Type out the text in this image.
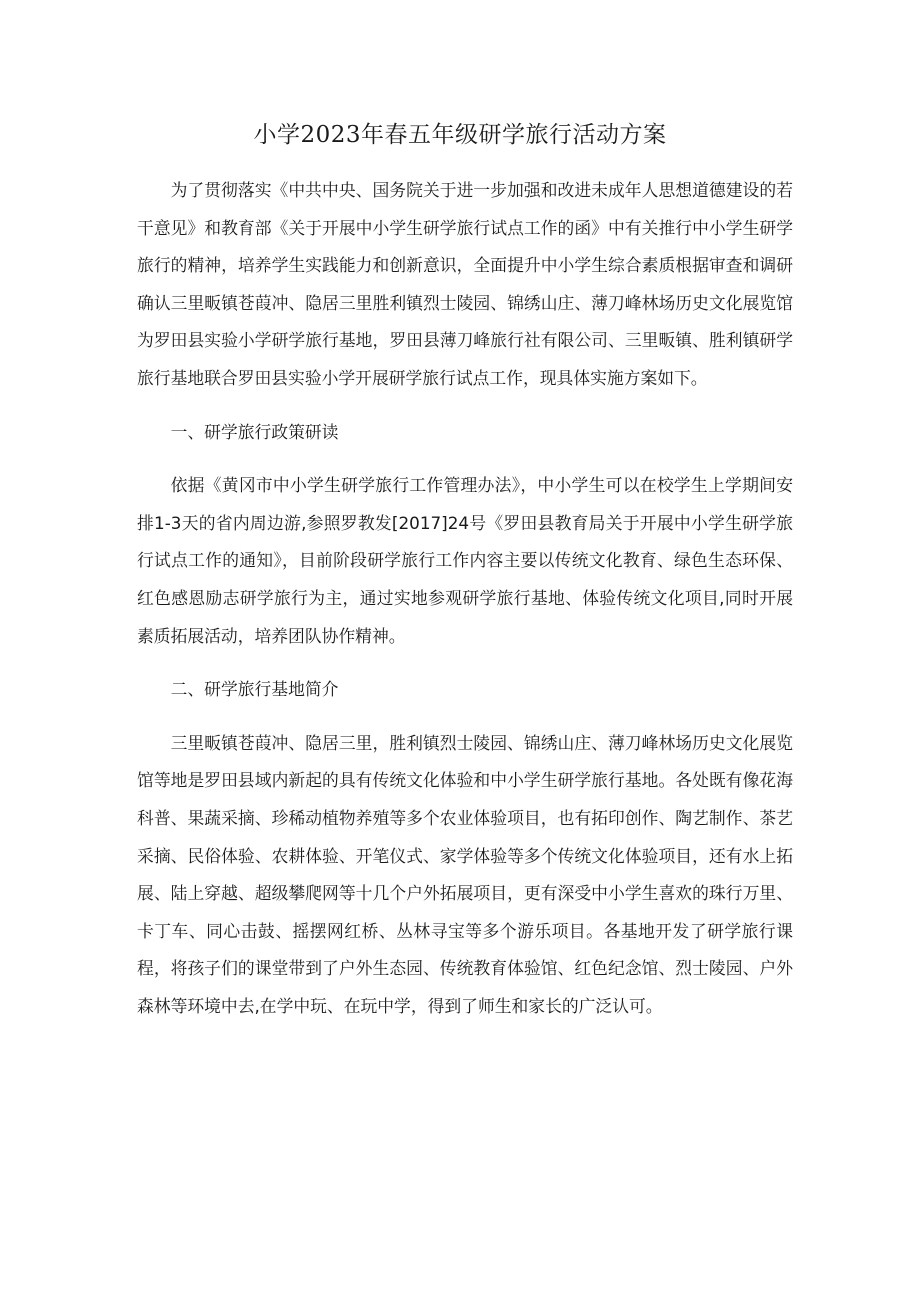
小学2023年春五年级研学旅行活动方案

为了贯彻落实《中共中央、国务院关于进一步加强和改进未成年人思想道德建设的若干意见》和教育部《关于开展中小学生研学旅行试点工作的函》中有关推行中小学生研学旅行的精神，培养学生实践能力和创新意识，全面提升中小学生综合素质根据审查和调研确认三里畈镇苍葭冲、隐居三里胜利镇烈士陵园、锦绣山庄、薄刀峰林场历史文化展览馆为罗田县实验小学研学旅行基地，罗田县薄刀峰旅行社有限公司、三里畈镇、胜利镇研学旅行基地联合罗田县实验小学开展研学旅行试点工作，现具体实施方案如下。

一、研学旅行政策研读

依据《黄冈市中小学生研学旅行工作管理办法》，中小学生可以在校学生上学期间安排1-3天的省内周边游,参照罗教发[2017]24号《罗田县教育局关于开展中小学生研学旅行试点工作的通知》，目前阶段研学旅行工作内容主要以传统文化教育、绿色生态环保、红色感恩励志研学旅行为主，通过实地参观研学旅行基地、体验传统文化项目,同时开展素质拓展活动，培养团队协作精神。

二、研学旅行基地简介

三里畈镇苍葭冲、隐居三里，胜利镇烈士陵园、锦绣山庄、薄刀峰林场历史文化展览馆等地是罗田县域内新起的具有传统文化体验和中小学生研学旅行基地。各处既有像花海科普、果蔬采摘、珍稀动植物养殖等多个农业体验项目，也有拓印创作、陶艺制作、茶艺采摘、民俗体验、农耕体验、开笔仪式、家学体验等多个传统文化体验项目，还有水上拓展、陆上穿越、超级攀爬网等十几个户外拓展项目，更有深受中小学生喜欢的珠行万里、卡丁车、同心击鼓、摇摆网红桥、丛林寻宝等多个游乐项目。各基地开发了研学旅行课程，将孩子们的课堂带到了户外生态园、传统教育体验馆、红色纪念馆、烈士陵园、户外森林等环境中去,在学中玩、在玩中学，得到了师生和家长的广泛认可。
